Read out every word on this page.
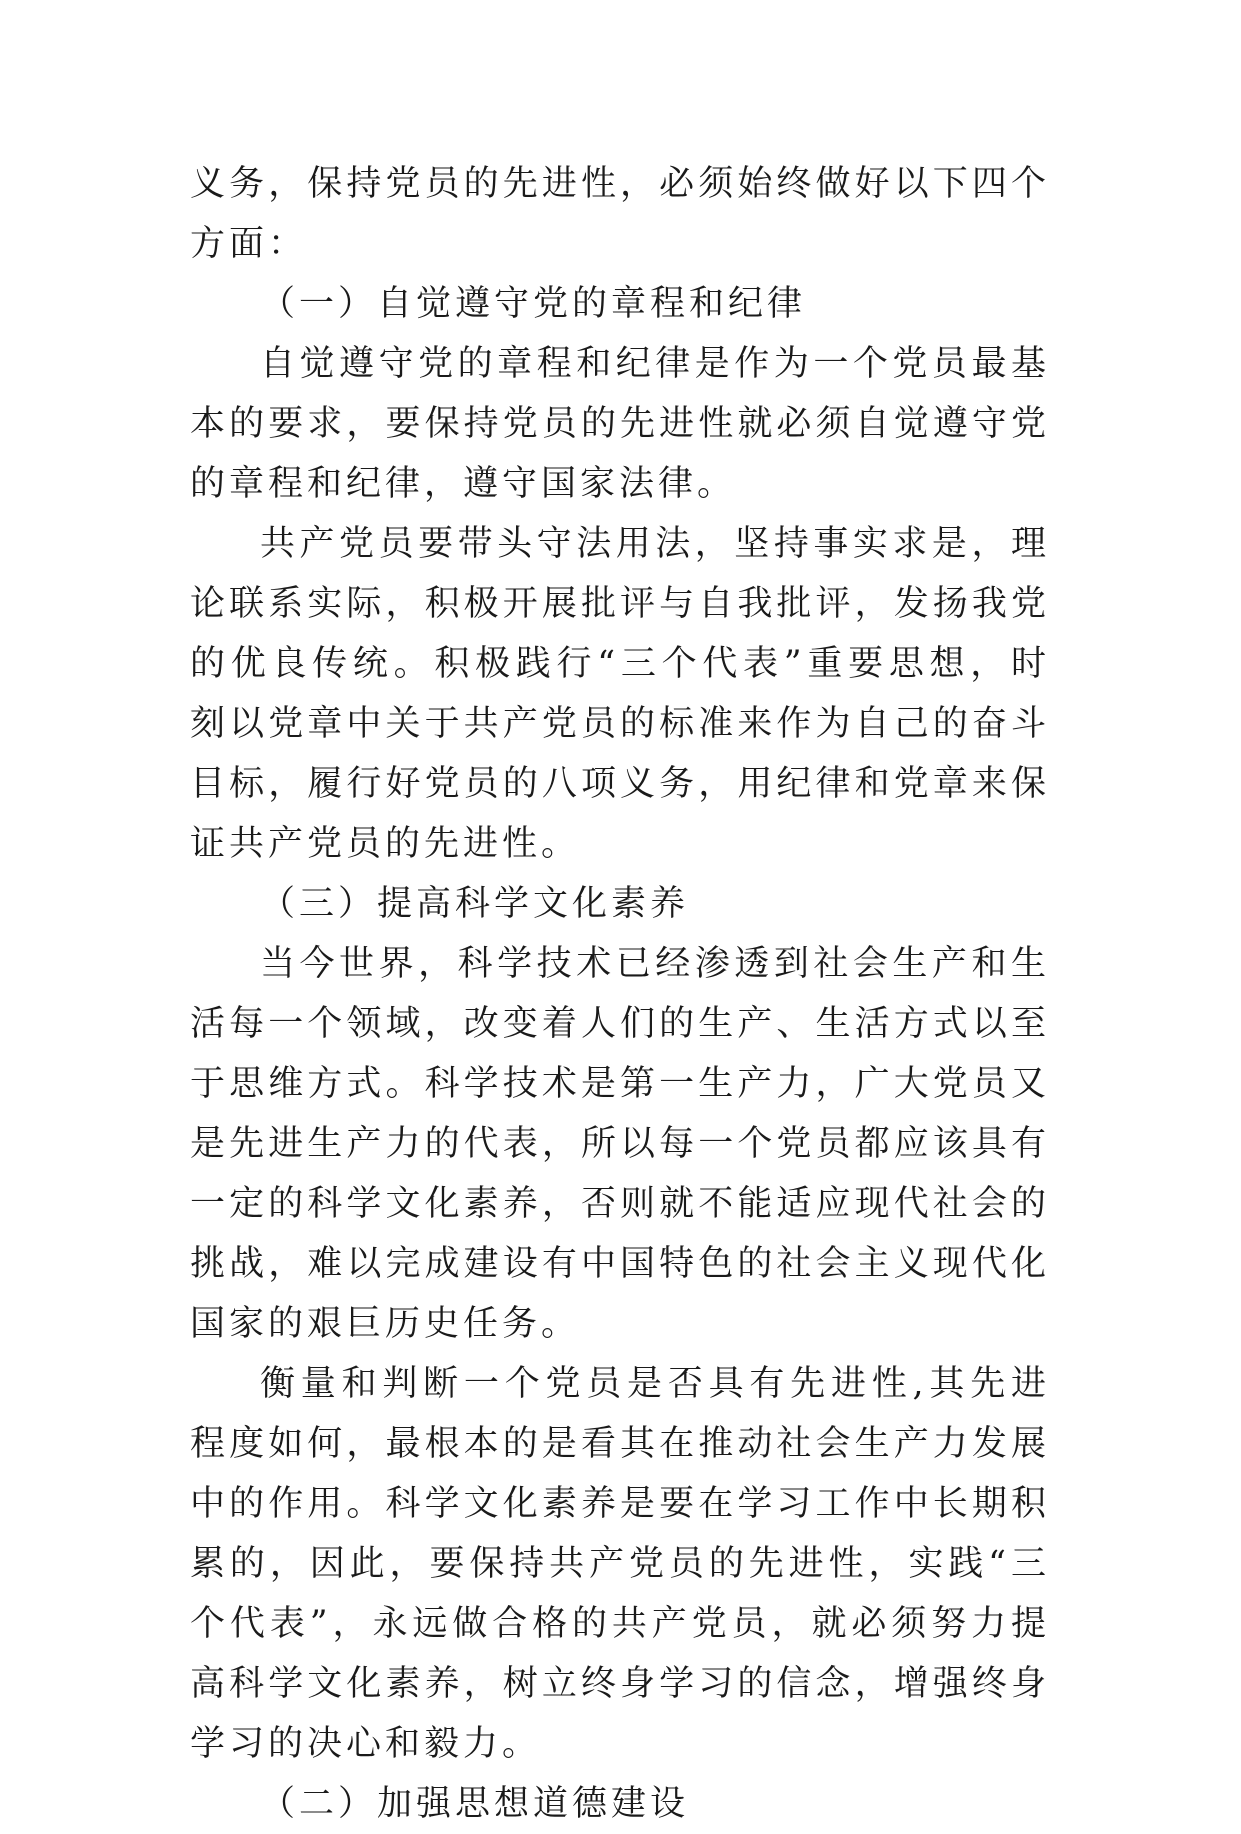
义务，保持党员的先进性，必须始终做好以下四个方面：

（一）自觉遵守党的章程和纪律

自觉遵守党的章程和纪律是作为一个党员最基本的要求，要保持党员的先进性就必须自觉遵守党的章程和纪律，遵守国家法律。

共产党员要带头守法用法，坚持事实求是，理论联系实际，积极开展批评与自我批评，发扬我党的优良传统。积极践行“三个代表”重要思想，时刻以党章中关于共产党员的标准来作为自己的奋斗目标，履行好党员的八项义务，用纪律和党章来保证共产党员的先进性。

（三）提高科学文化素养

当今世界，科学技术已经渗透到社会生产和生活每一个领域，改变着人们的生产、生活方式以至于思维方式。科学技术是第一生产力，广大党员又是先进生产力的代表，所以每一个党员都应该具有一定的科学文化素养，否则就不能适应现代社会的挑战，难以完成建设有中国特色的社会主义现代化国家的艰巨历史任务。

衡量和判断一个党员是否具有先进性,其先进程度如何，最根本的是看其在推动社会生产力发展中的作用。科学文化素养是要在学习工作中长期积累的，因此，要保持共产党员的先进性，实践“三个代表”，永远做合格的共产党员，就必须努力提高科学文化素养，树立终身学习的信念，增强终身学习的决心和毅力。

（二）加强思想道德建设
